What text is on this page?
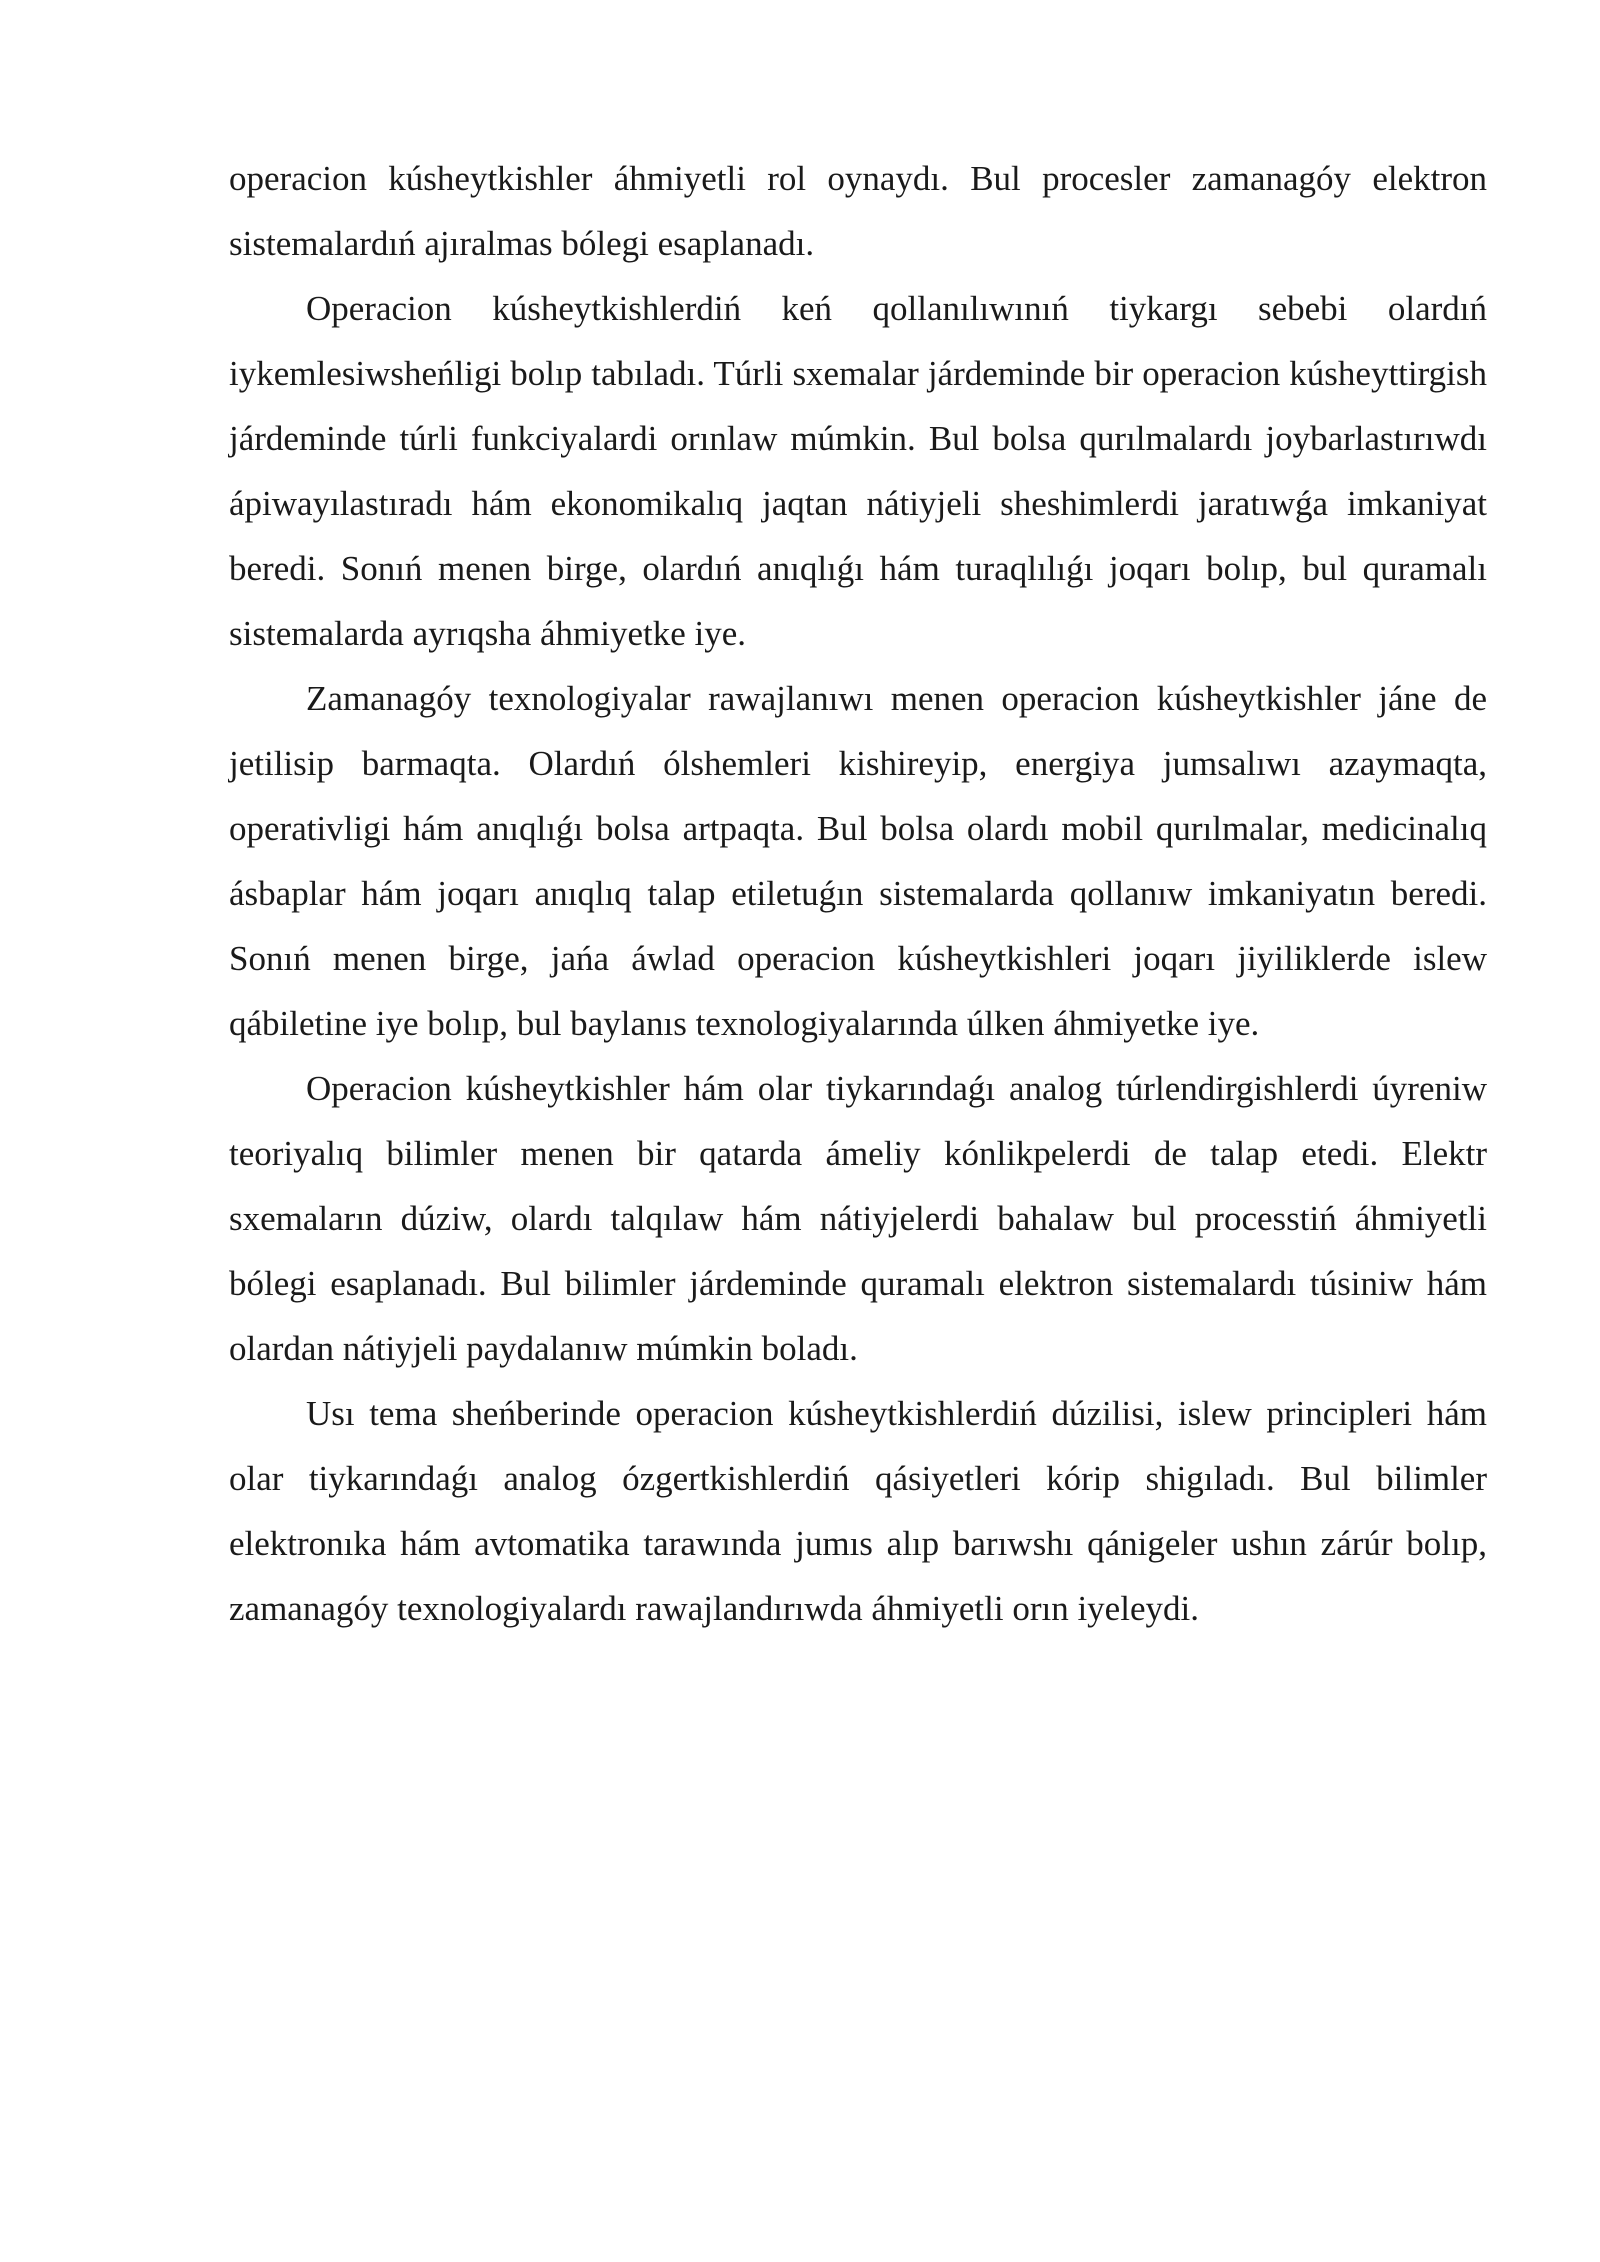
operacion kúsheytkishler áhmiyetli rol oynaydı. Bul procesler zamanagóy elektron sistemalardıń ajıralmas bólegi esaplanadı.

Operacion kúsheytkishlerdiń keń qollanılıwınıń tiykargı sebebi olardıń iykemlesiwsheńligi bolıp tabıladı. Túrli sxemalar járdeminde bir operacion kúsheyttirgish járdeminde túrli funkciyalardi orınlaw múmkin. Bul bolsa qurılmalardı joybarlastırıwdı ápiwayılastıradı hám ekonomikalıq jaqtan nátiyjeli sheshimlerdi jaratıwǵa imkaniyat beredi. Sonıń menen birge, olardıń anıqlıǵı hám turaqlılıǵı joqarı bolıp, bul quramalı sistemalarda ayrıqsha áhmiyetke iye.

Zamanagóy texnologiyalar rawajlanıwı menen operacion kúsheytkishler jáne de jetilisip barmaqta. Olardıń ólshemleri kishireyip, energiya jumsalıwı azaymaqta, operativligi hám anıqlıǵı bolsa artpaqta. Bul bolsa olardı mobil qurılmalar, medicinalıq ásbaplar hám joqarı anıqlıq talap etiletuǵın sistemalarda qollanıw imkaniyatın beredi. Sonıń menen birge, jańa áwlad operacion kúsheytkishleri joqarı jiyiliklerde islew qábiletine iye bolıp, bul baylanıs texnologiyalarında úlken áhmiyetke iye.

Operacion kúsheytkishler hám olar tiykarındaǵı analog túrlendirgishlerdi úyreniw teoriyalıq bilimler menen bir qatarda ámeliy kónlikpelerdi de talap etedi. Elektr sxemaların dúziw, olardı talqılaw hám nátiyjelerdi bahalaw bul processtiń áhmiyetli bólegi esaplanadı. Bul bilimler járdeminde quramalı elektron sistemalardı túsiniw hám olardan nátiyjeli paydalanıw múmkin boladı.

Usı tema sheńberinde operacion kúsheytkishlerdiń dúzilisi, islew principleri hám olar tiykarındaǵı analog ózgertkishlerdiń qásiyetleri kórip shigıladı. Bul bilimler elektronıka hám avtomatika tarawında jumıs alıp barıwshı qánigeler ushın zárúr bolıp, zamanagóy texnologiyalardı rawajlandırıwda áhmiyetli orın iyeleydi.
